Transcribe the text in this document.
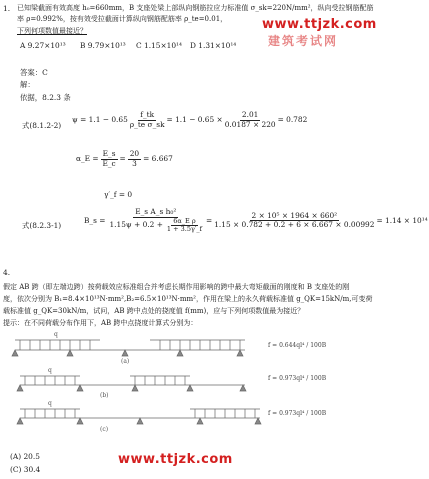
1. 已知梁截面有效高度 h₀=660mm，B 支座处梁上部纵向钢筋拉应力标准值 σ_sk=220N/mm²，纵向受拉钢筋配筋
率 ρ=0.992%，按有效受拉截面计算纵向钢筋配筋率 ρ_te=0.01，
下列何项数值最接近？	www.ttjzk.com
建筑考试网
A 9.27×10¹³ B 9.79×10¹³ C 1.15×10¹⁴ D 1.31×10¹⁴
答案：C
解：
依据，8.2.3 条
式(8.1.2-2)
$\psi = 1.1 - 0.65 \frac{f\_tk}{\text{ρ\_te σ\_sk}} = 1.1 - 0.65 \times \frac{2.01}{0.0187 \times 220} = 0.782$
α_E = $\frac{E\_s}{E\_c} = \frac{20}{3} = 6.667$
γ′_f = 0
式(8.2.3-1)
B_s = $\frac{\text{E\_s A\_s h₀²}}{1.15\psi + 0.2 + \frac{\text{6α\_E ρ}}{1 + 3.5\gamma'\_f}} = \frac{\text{2 × 10⁵ × 1964 × 660²}}{1.15 \times 0.782 + 0.2 + 6 \times 6.667 \times 0.00992} = 1.14 \times 10^{14}$
4.
假定 AB 跨（即左端边跨）按荷载效应标准组合并考虑长期作用影响的跨中最大弯矩截面的刚度和 B 支座处的刚
度，依次分别为 B₁=8.4×10¹³N·mm²,B₂=6.5×10¹³N·mm²，作用在梁上的永久荷载标准值 g_QK=15kN/m,可变荷
载标准值 g_QK=30kN/m，试问，AB 跨中点处的挠度值 f(mm)，应与下列何项数值最为接近？
提示：在不同荷载分布作用下，AB 跨中点挠度计算式分别为：
q
(a)
f = 0.644ql⁴ / 100B
q
(b)
f = 0.973ql⁴ / 100B
q
(c)
f = 0.973ql⁴ / 100B
(A) 20.5
(C) 30.4
www.ttjzk.com
